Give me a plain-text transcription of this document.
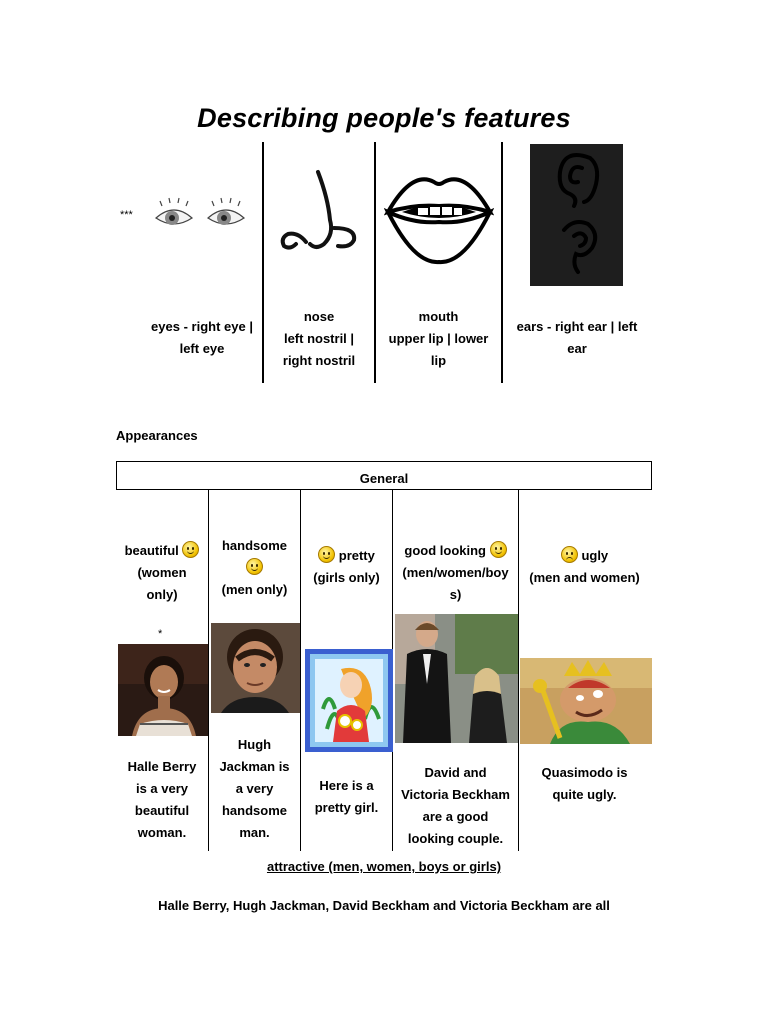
Describing people's features
***
eyes - right eye |
left eye
nose
left nostril |
right nostril
mouth
upper lip | lower
lip
ears - right ear | left
ear
Appearances
General
beautiful
(women
only)
handsome
(men only)
pretty
(girls only)
good looking
(men/women/boy
s)
ugly
(men and women)
*
Halle Berry
is a very
beautiful
woman.
Hugh
Jackman is
a very
handsome
man.
Here is a
pretty girl.
David and
Victoria Beckham
are a good
looking couple.
Quasimodo is
quite ugly.
attractive (men, women, boys or girls)
Halle Berry, Hugh Jackman, David Beckham and Victoria Beckham are all
